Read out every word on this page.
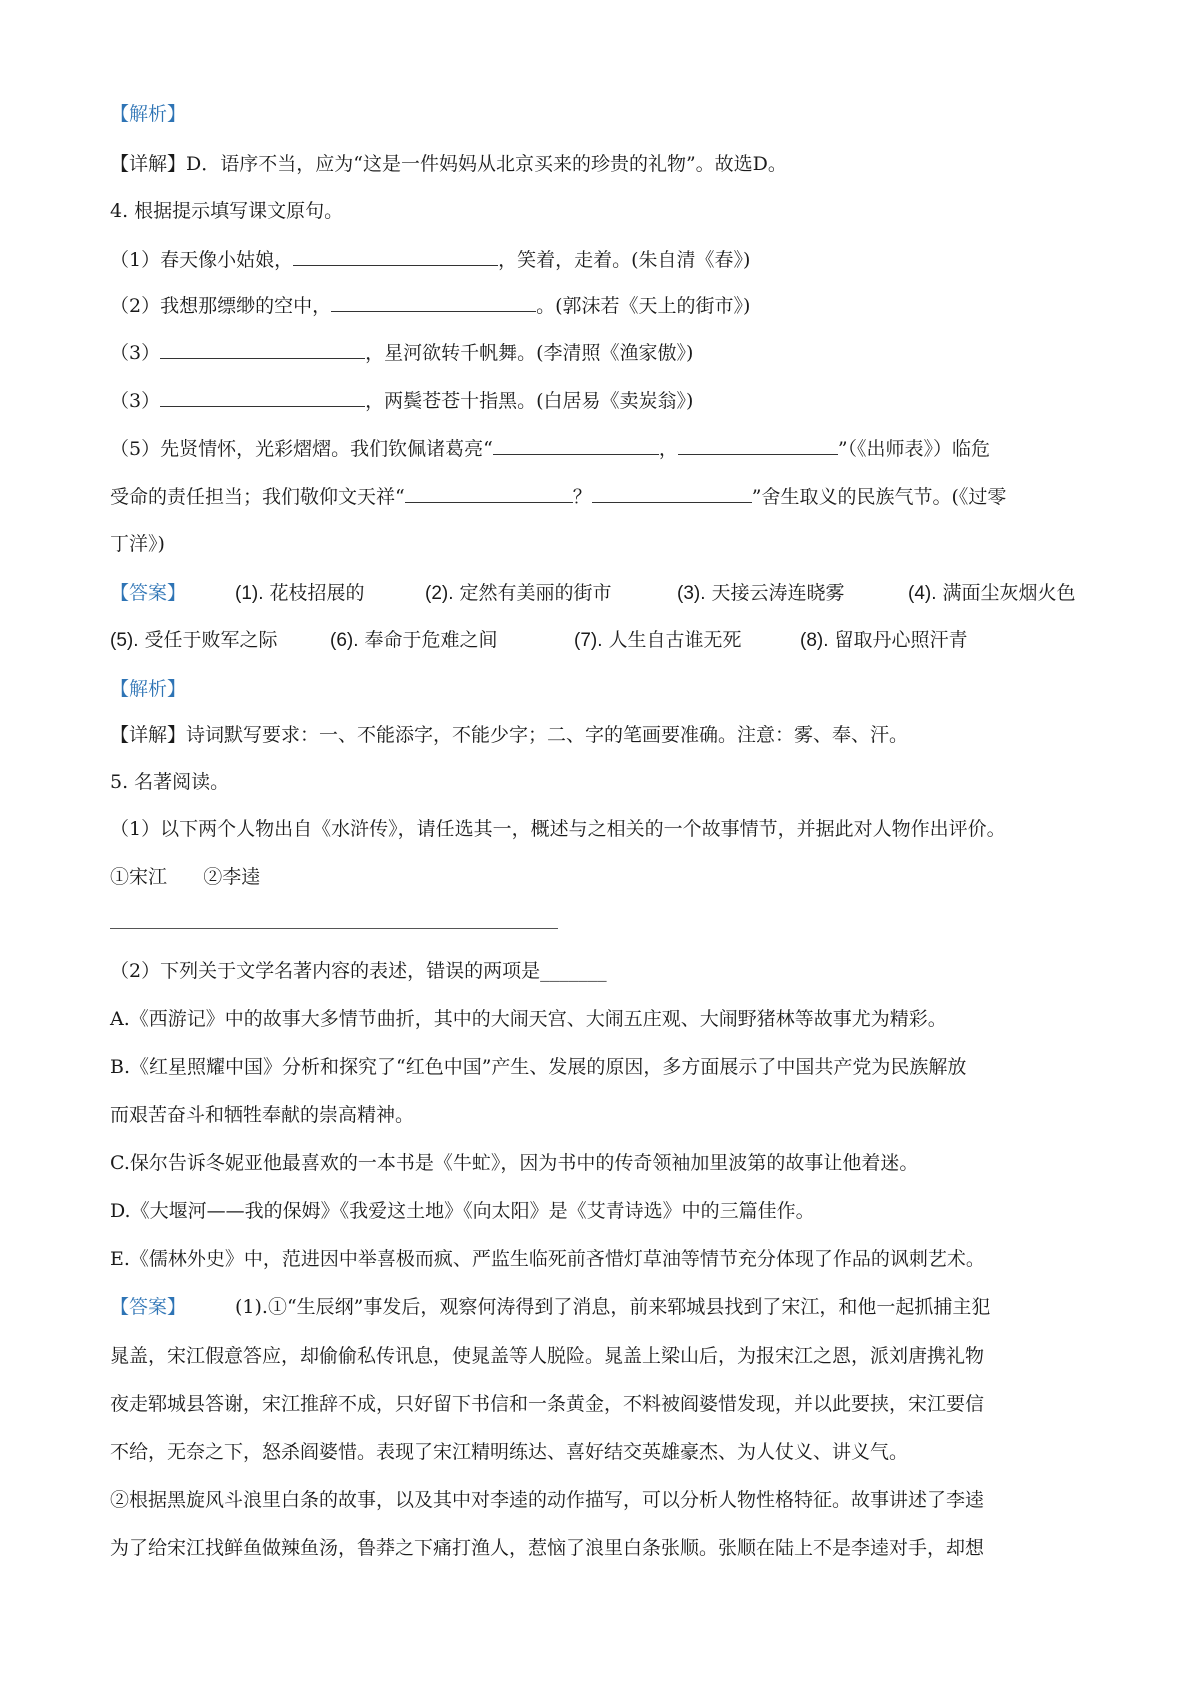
【解析】
【详解】D．语序不当，应为“这是一件妈妈从北京买来的珍贵的礼物”。故选D。
4. 根据提示填写课文原句。
（1）春天像小姑娘，	，笑着，走着。(朱自清《春》)
（2）我想那缥缈的空中，	。(郭沫若《天上的街市》)
（3）	，星河欲转千帆舞。(李清照《渔家傲》)
（3）	，两鬓苍苍十指黑。(白居易《卖炭翁》)
（5）先贤情怀，光彩熠熠。我们钦佩诸葛亮“	，	”（《出师表》）临危
受命的责任担当；我们敬仰文天祥“	？	”舍生取义的民族气节。(《过零
丁洋》)
【答案】	(1). 花枝招展的	(2). 定然有美丽的街市	(3). 天接云涛连晓雾	(4). 满面尘灰烟火色
(5). 受任于败军之际	(6). 奉命于危难之间	(7). 人生自古谁无死	(8). 留取丹心照汗青
【解析】
【详解】诗词默写要求：一、不能添字，不能少字；二、字的笔画要准确。注意：雾、奉、汗。
5. 名著阅读。
（1）以下两个人物出自《水浒传》，请任选其一，概述与之相关的一个故事情节，并据此对人物作出评价。
①宋江      ②李逵
（2）下列关于文学名著内容的表述，错误的两项是_______
A.《西游记》中的故事大多情节曲折，其中的大闹天宫、大闹五庄观、大闹野猪林等故事尤为精彩。
B.《红星照耀中国》分析和探究了“红色中国”产生、发展的原因，多方面展示了中国共产党为民族解放
而艰苦奋斗和牺牲奉献的崇高精神。
C.保尔告诉冬妮亚他最喜欢的一本书是《牛虻》，因为书中的传奇领袖加里波第的故事让他着迷。
D.《大堰河——我的保姆》《我爱这土地》《向太阳》是《艾青诗选》中的三篇佳作。
E.《儒林外史》中，范进因中举喜极而疯、严监生临死前吝惜灯草油等情节充分体现了作品的讽刺艺术。
【答案】	(1).①“生辰纲”事发后，观察何涛得到了消息，前来郓城县找到了宋江，和他一起抓捕主犯
晁盖，宋江假意答应，却偷偷私传讯息，使晁盖等人脱险。晁盖上梁山后，为报宋江之恩，派刘唐携礼物
夜走郓城县答谢，宋江推辞不成，只好留下书信和一条黄金，不料被阎婆惜发现，并以此要挟，宋江要信
不给，无奈之下，怒杀阎婆惜。表现了宋江精明练达、喜好结交英雄豪杰、为人仗义、讲义气。
②根据黑旋风斗浪里白条的故事，以及其中对李逵的动作描写，可以分析人物性格特征。故事讲述了李逵
为了给宋江找鲜鱼做辣鱼汤，鲁莽之下痛打渔人，惹恼了浪里白条张顺。张顺在陆上不是李逵对手，却想
